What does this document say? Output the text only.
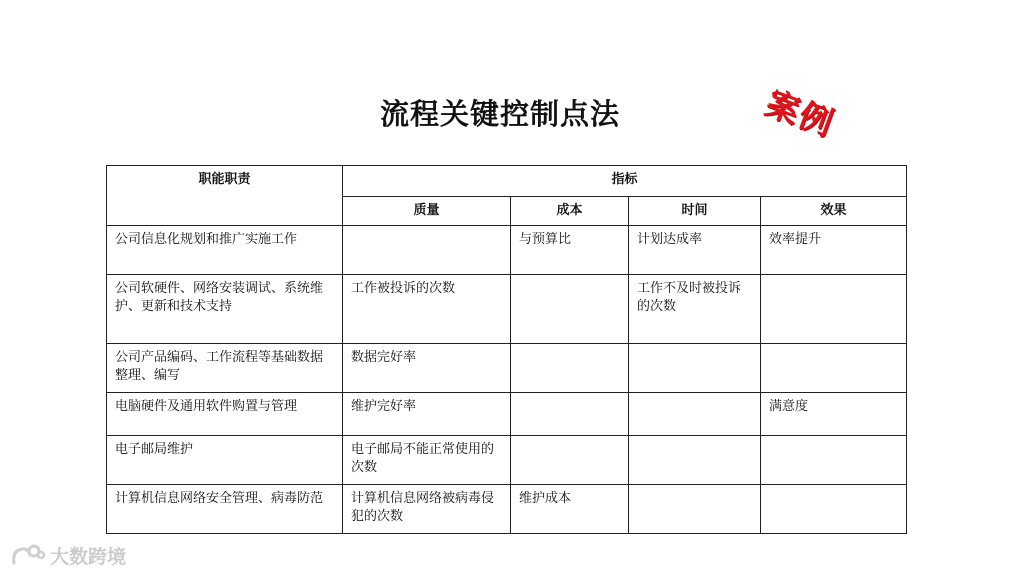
流程关键控制点法	案例
职能职责	指标			
	质量	成本	时间	效果
公司信息化规划和推广实施工作		与预算比	计划达成率	效率提升
公司软硬件、网络安装调试、系统维护、更新和技术支持	工作被投诉的次数		工作不及时被投诉的次数	
公司产品编码、工作流程等基础数据整理、编写	数据完好率			
电脑硬件及通用软件购置与管理	维护完好率			满意度
电子邮局维护	电子邮局不能正常使用的次数			
计算机信息网络安全管理、病毒防范	计算机信息网络被病毒侵犯的次数	维护成本		
大数跨境
